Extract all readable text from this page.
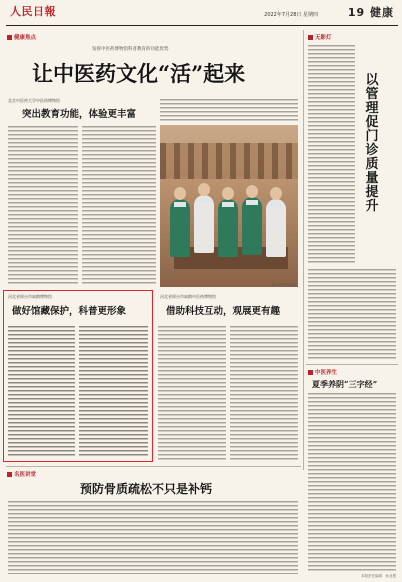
人民日報	2022年7月28日 星期四	19 健康
健康焦点
发挥中医药博物馆科普教育的功能优势
让中医药文化“活”起来
北京中医药大学中医药博物馆
突出教育功能，体验更丰富
图片由受访者提供
河北省邢台市扁鹊博物馆
做好馆藏保护，科普更形象
河北省邢台市扁鹊中医药博物馆
借助科技互动，观展更有趣
无影灯
以
管
理
促
门
诊
质
量
提
升
中医养生
夏季养阴“三字经”
名医讲堂
预防骨质疏松不只是补钙
本版责任编辑：孙亚慧
